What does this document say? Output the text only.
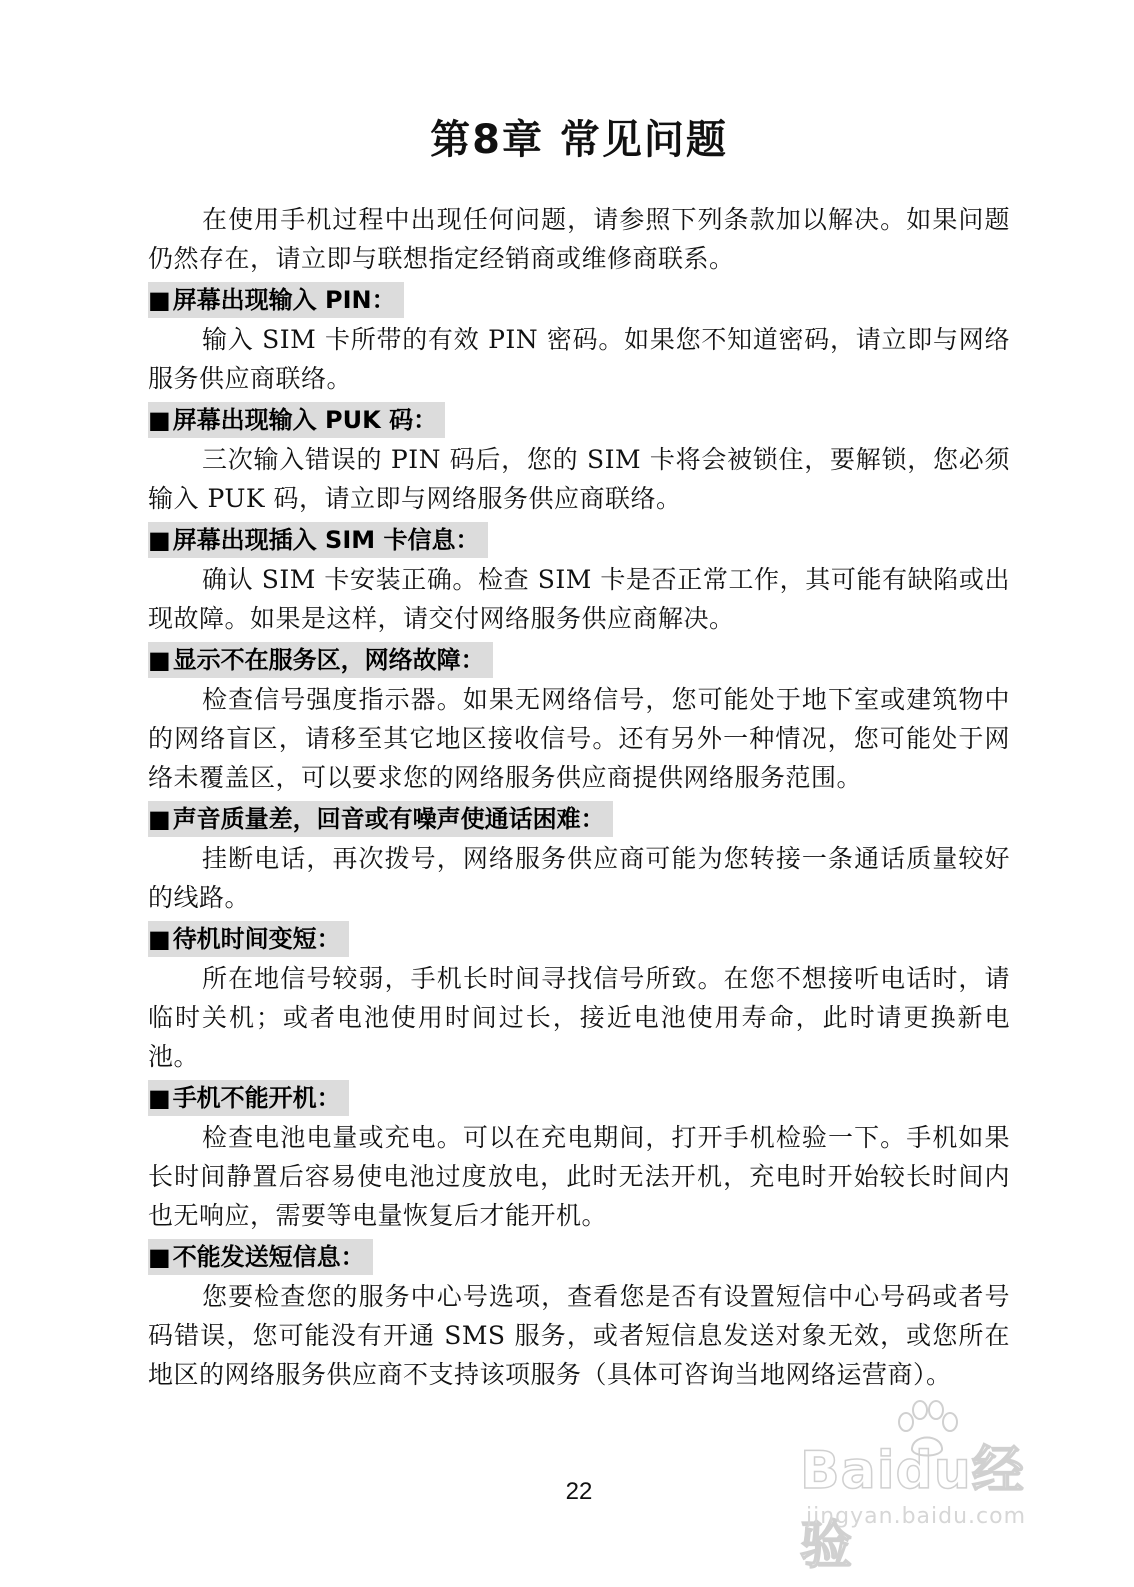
第8章 常见问题

在使用手机过程中出现任何问题，请参照下列条款加以解决。如果问题仍然存在，请立即与联想指定经销商或维修商联系。

■屏幕出现输入 PIN：

输入 SIM 卡所带的有效 PIN 密码。如果您不知道密码，请立即与网络服务供应商联络。

■屏幕出现输入 PUK 码：

三次输入错误的 PIN 码后，您的 SIM 卡将会被锁住，要解锁，您必须输入 PUK 码，请立即与网络服务供应商联络。

■屏幕出现插入 SIM 卡信息：

确认 SIM 卡安装正确。检查 SIM 卡是否正常工作，其可能有缺陷或出现故障。如果是这样，请交付网络服务供应商解决。

■显示不在服务区，网络故障：

检查信号强度指示器。如果无网络信号，您可能处于地下室或建筑物中的网络盲区，请移至其它地区接收信号。还有另外一种情况，您可能处于网络未覆盖区，可以要求您的网络服务供应商提供网络服务范围。

■声音质量差，回音或有噪声使通话困难：

挂断电话，再次拨号，网络服务供应商可能为您转接一条通话质量较好的线路。

■待机时间变短：

所在地信号较弱，手机长时间寻找信号所致。在您不想接听电话时，请临时关机；或者电池使用时间过长，接近电池使用寿命，此时请更换新电池。

■手机不能开机：

检查电池电量或充电。可以在充电期间，打开手机检验一下。手机如果长时间静置后容易使电池过度放电，此时无法开机，充电时开始较长时间内也无响应，需要等电量恢复后才能开机。

■不能发送短信息：

您要检查您的服务中心号选项，查看您是否有设置短信中心号码或者号码错误，您可能没有开通 SMS 服务，或者短信息发送对象无效，或您所在地区的网络服务供应商不支持该项服务（具体可咨询当地网络运营商）。

22	Baidu经验
jingyan.baidu.com
